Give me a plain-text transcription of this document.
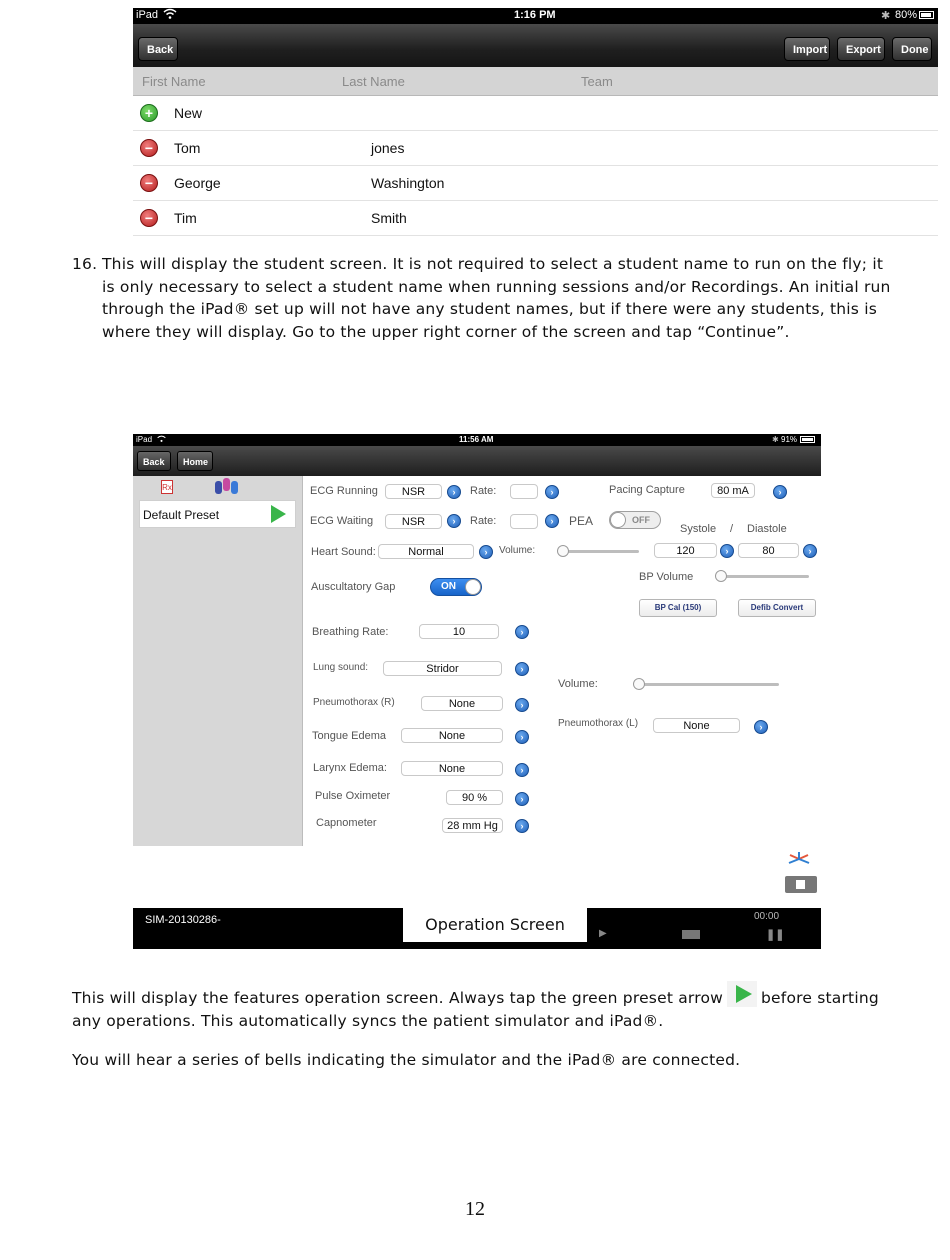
iPad	1:16 PM	✱ 80%
Back	Import	Export	Done
First Name	Last Name	Team
+	New
−	Tom	jones
−	George	Washington
−	Tim	Smith
16. This will display the student screen. It is not required to select a student name to run on the fly; it is only necessary to select a student name when running sessions and/or Recordings. An initial run through the iPad® set up will not have any student names, but if there were any students, this is where they will display. Go to the upper right corner of the screen and tap “Continue”.
iPad	11:56 AM	✱ 91%
Back	Home
Rx
Default Preset
ECG Running	NSR	›	Rate:	›	Pacing Capture	80 mA	›
ECG Waiting	NSR	›	Rate:	›	PEA	OFF
Systole / Diastole
Heart Sound:	Normal	›	Volume:	120	›	80	›
BP Volume
Auscultatory Gap	ON
BP Cal (150)	Defib Convert
Breathing Rate:	10	›
Lung sound:	Stridor	›
Volume:
Pneumothorax (R)	None	›
Pneumothorax (L)	None	›
Tongue Edema	None	›
Larynx Edema:	None	›
Pulse Oximeter	90 %	›
Capnometer	28 mm Hg	›
SIM-20130286-	00:00
▶	❚❚
Operation Screen
This will display the features operation screen. Always tap the green preset arrow before starting any operations. This automatically syncs the patient simulator and iPad®.
You will hear a series of bells indicating the simulator and the iPad® are connected.
12
